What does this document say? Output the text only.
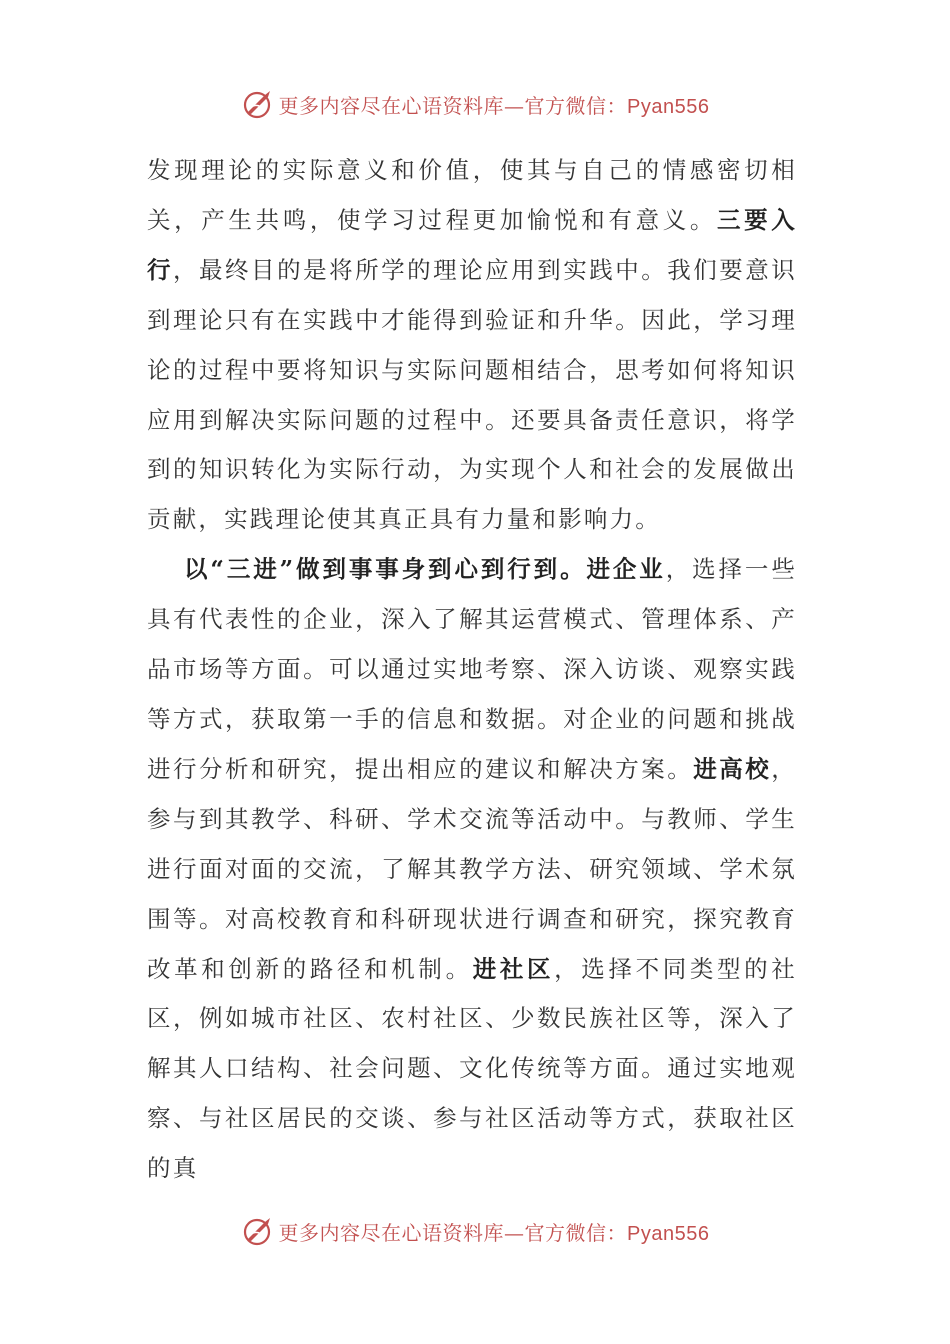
更多内容尽在心语资料库—官方微信：Pyan556

发现理论的实际意义和价值，使其与自己的情感密切相关，产生共鸣，使学习过程更加愉悦和有意义。三要入行，最终目的是将所学的理论应用到实践中。我们要意识到理论只有在实践中才能得到验证和升华。因此，学习理论的过程中要将知识与实际问题相结合，思考如何将知识应用到解决实际问题的过程中。还要具备责任意识，将学到的知识转化为实际行动，为实现个人和社会的发展做出贡献，实践理论使其真正具有力量和影响力。

以“三进”做到事事身到心到行到。进企业，选择一些具有代表性的企业，深入了解其运营模式、管理体系、产品市场等方面。可以通过实地考察、深入访谈、观察实践等方式，获取第一手的信息和数据。对企业的问题和挑战进行分析和研究，提出相应的建议和解决方案。进高校，参与到其教学、科研、学术交流等活动中。与教师、学生进行面对面的交流，了解其教学方法、研究领域、学术氛围等。对高校教育和科研现状进行调查和研究，探究教育改革和创新的路径和机制。进社区，选择不同类型的社区，例如城市社区、农村社区、少数民族社区等，深入了解其人口结构、社会问题、文化传统等方面。通过实地观察、与社区居民的交谈、参与社区活动等方式，获取社区的真

更多内容尽在心语资料库—官方微信：Pyan556
